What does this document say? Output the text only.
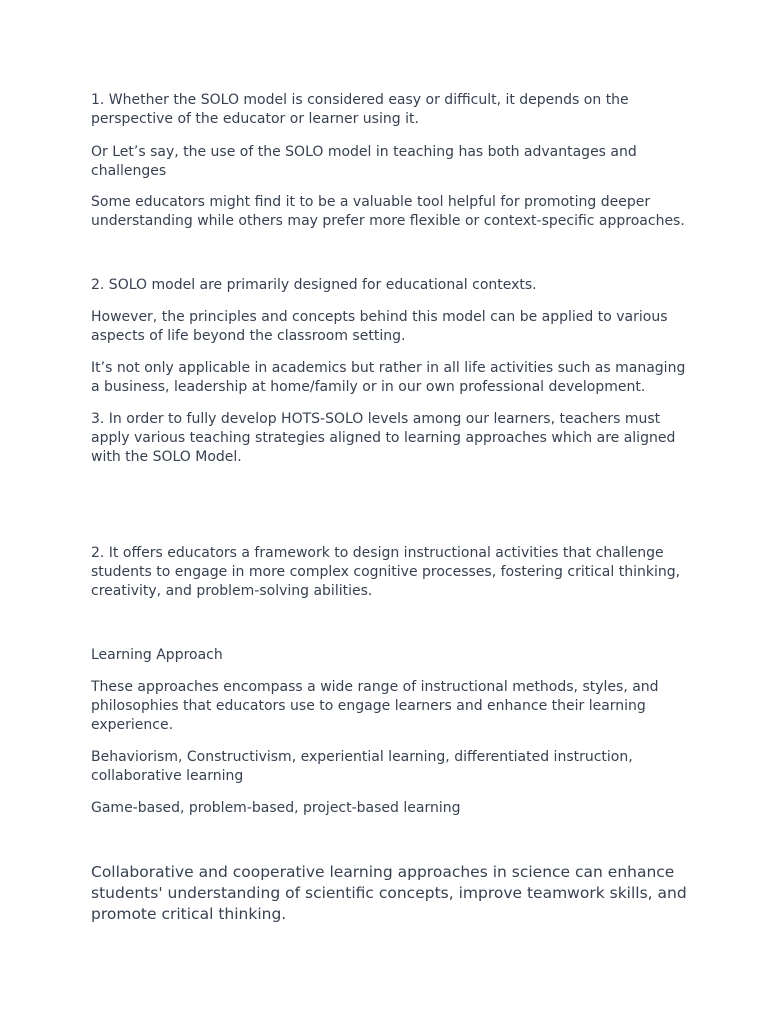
1. Whether the SOLO model is considered easy or difficult, it depends on the perspective of the educator or learner using it.

Or Let’s say, the use of the SOLO model in teaching has both advantages and challenges

Some educators might find it to be a valuable tool helpful for promoting deeper understanding while others may prefer more flexible or context-specific approaches.

2. SOLO model are primarily designed for educational contexts.

However, the principles and concepts behind this model can be applied to various aspects of life beyond the classroom setting.

It’s not only applicable in academics but rather in all life activities such as managing a business, leadership at home/family or in our own professional development.

3. In order to fully develop HOTS-SOLO levels among our learners, teachers must apply various teaching strategies aligned to learning approaches which are aligned with the SOLO Model.

2. It offers educators a framework to design instructional activities that challenge students to engage in more complex cognitive processes, fostering critical thinking, creativity, and problem-solving abilities.

Learning Approach

These approaches encompass a wide range of instructional methods, styles, and philosophies that educators use to engage learners and enhance their learning experience.

Behaviorism, Constructivism, experiential learning, differentiated instruction, collaborative learning

Game-based, problem-based, project-based learning

Collaborative and cooperative learning approaches in science can enhance students' understanding of scientific concepts, improve teamwork skills, and promote critical thinking.
